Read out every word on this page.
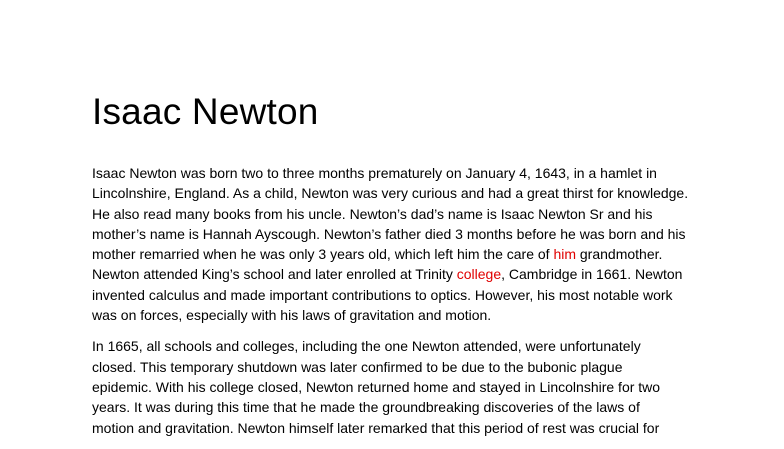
Isaac Newton

Isaac Newton was born two to three months prematurely on January 4, 1643, in a hamlet in
Lincolnshire, England. As a child, Newton was very curious and had a great thirst for knowledge.
He also read many books from his uncle. Newton’s dad’s name is Isaac Newton Sr and his
mother’s name is Hannah Ayscough. Newton’s father died 3 months before he was born and his
mother remarried when he was only 3 years old, which left him the care of him grandmother.
Newton attended King’s school and later enrolled at Trinity college, Cambridge in 1661. Newton
invented calculus and made important contributions to optics. However, his most notable work
was on forces, especially with his laws of gravitation and motion.

In 1665, all schools and colleges, including the one Newton attended, were unfortunately
closed. This temporary shutdown was later confirmed to be due to the bubonic plague
epidemic. With his college closed, Newton returned home and stayed in Lincolnshire for two
years. It was during this time that he made the groundbreaking discoveries of the laws of
motion and gravitation. Newton himself later remarked that this period of rest was crucial for
